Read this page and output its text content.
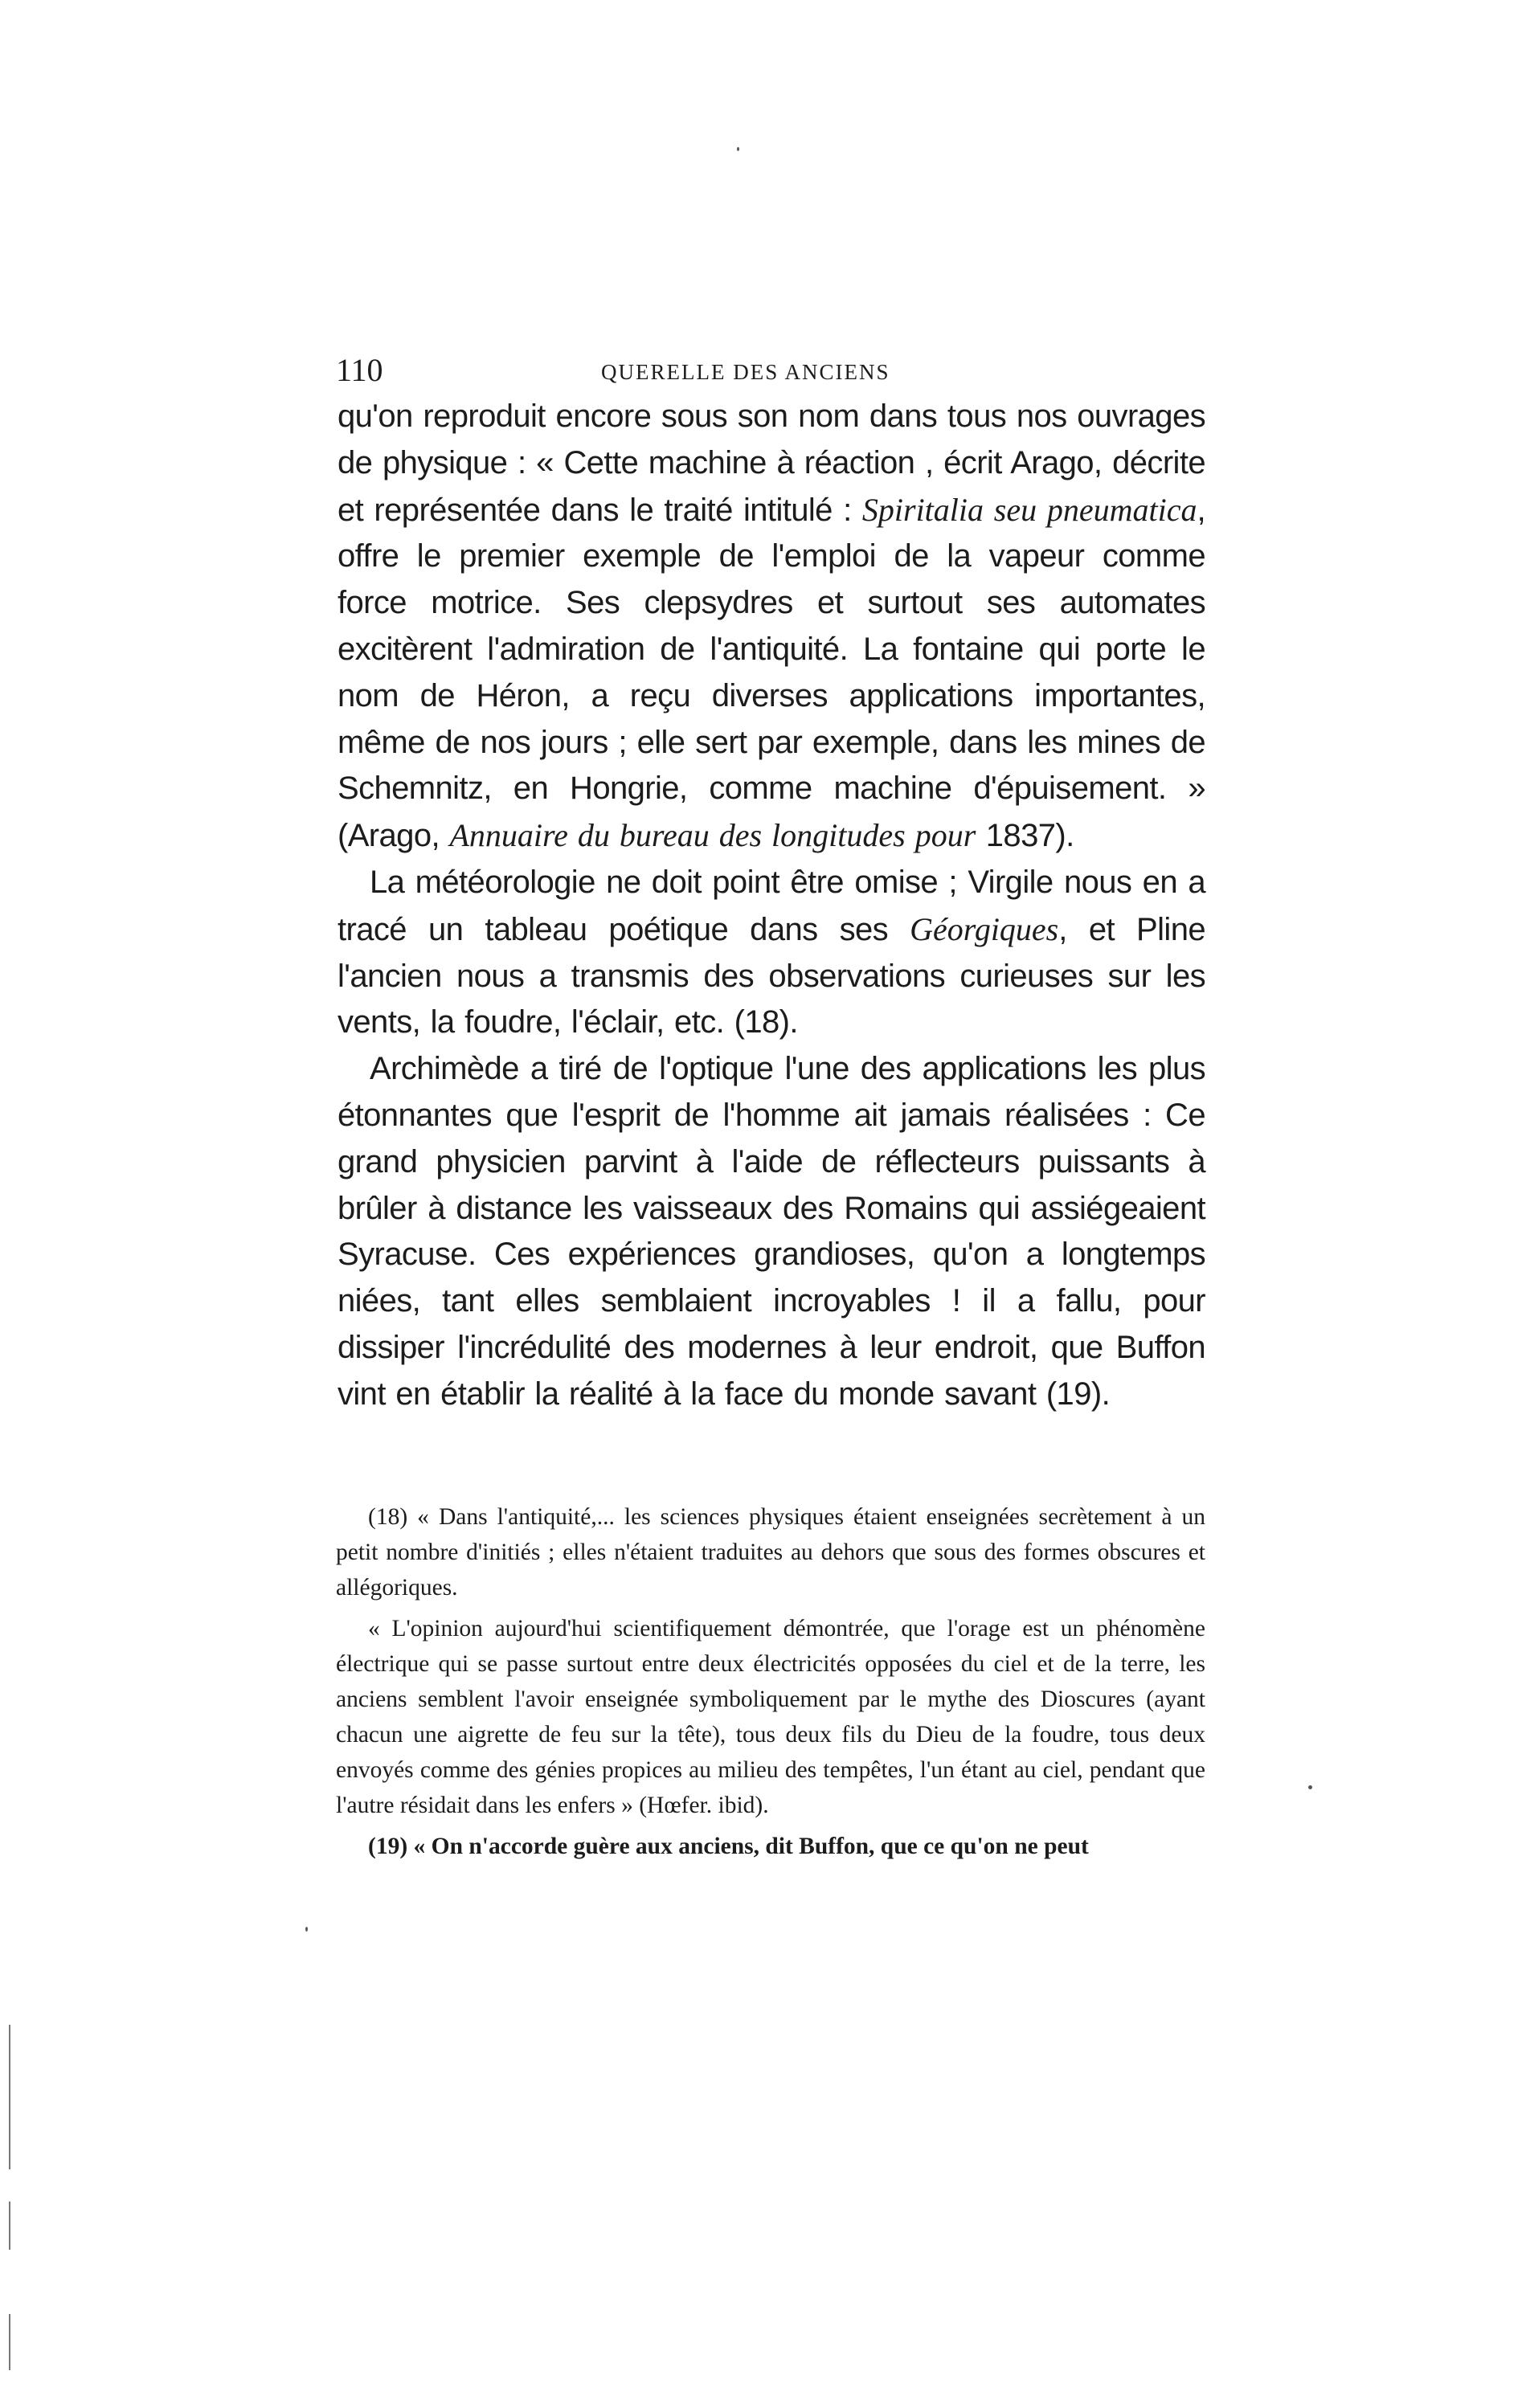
110	QUERELLE DES ANCIENS

qu'on reproduit encore sous son nom dans tous nos ouvrages de physique : « Cette machine à réaction , écrit Arago, décrite et représentée dans le traité intitulé : Spiritalia seu pneumatica, offre le premier exemple de l'emploi de la vapeur comme force motrice. Ses clepsydres et surtout ses automates excitèrent l'admiration de l'antiquité. La fontaine qui porte le nom de Héron, a reçu diverses applications importantes, même de nos jours ; elle sert par exemple, dans les mines de Schemnitz, en Hongrie, comme machine d'épuisement. » (Arago, Annuaire du bureau des longitudes pour 1837).

La météorologie ne doit point être omise ; Virgile nous en a tracé un tableau poétique dans ses Géorgiques, et Pline l'ancien nous a transmis des observations curieuses sur les vents, la foudre, l'éclair, etc. (18).

Archimède a tiré de l'optique l'une des applications les plus étonnantes que l'esprit de l'homme ait jamais réalisées : Ce grand physicien parvint à l'aide de réflecteurs puissants à brûler à distance les vaisseaux des Romains qui assiégeaient Syracuse. Ces expériences grandioses, qu'on a longtemps niées, tant elles semblaient incroyables ! il a fallu, pour dissiper l'incrédulité des modernes à leur endroit, que Buffon vint en établir la réalité à la face du monde savant (19).

(18) « Dans l'antiquité,... les sciences physiques étaient enseignées secrètement à un petit nombre d'initiés ; elles n'étaient traduites au dehors que sous des formes obscures et allégoriques.

« L'opinion aujourd'hui scientifiquement démontrée, que l'orage est un phénomène électrique qui se passe surtout entre deux électricités opposées du ciel et de la terre, les anciens semblent l'avoir enseignée symboliquement par le mythe des Dioscures (ayant chacun une aigrette de feu sur la tête), tous deux fils du Dieu de la foudre, tous deux envoyés comme des génies propices au milieu des tempêtes, l'un étant au ciel, pendant que l'autre résidait dans les enfers » (Hœfer. ibid).

(19) « On n'accorde guère aux anciens, dit Buffon, que ce qu'on ne peut
